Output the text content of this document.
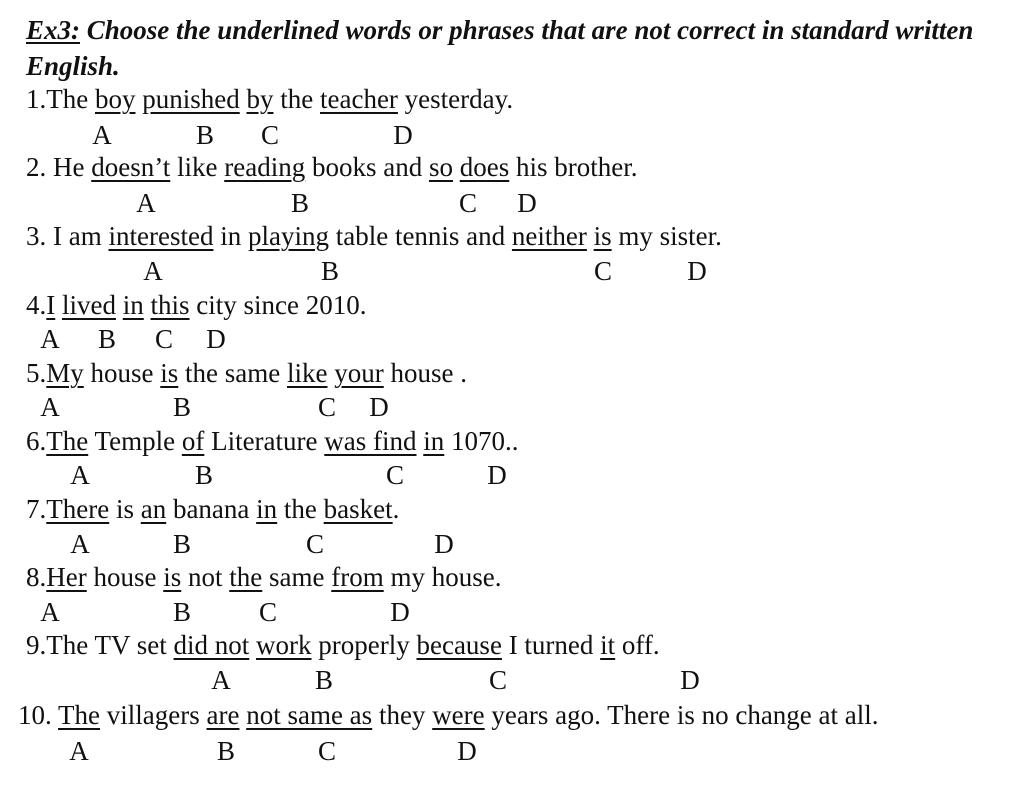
Ex3: Choose the underlined words or phrases that are not correct in standard written English.
1.The boy punished by the teacher yesterday.
A	B C	D
2. He doesn’t like reading books and so does his brother.
A	B	C D
3. I am interested in playing table tennis and neither is my sister.
A	B	C	D
4.I lived in this city since 2010.
A B C D
5.My house is the same like your house .
A	B	C D
6.The Temple of Literature was find in 1070..
A	B	C	D
7.There is an banana in the basket.
A	B	C	D
8.Her house is not the same from my house.
A	B	C	D
9.The TV set did not work properly because I turned it off.
A	B	C	D
10. The villagers are not same as they were years ago. There is no change at all.
A	B	C	D
